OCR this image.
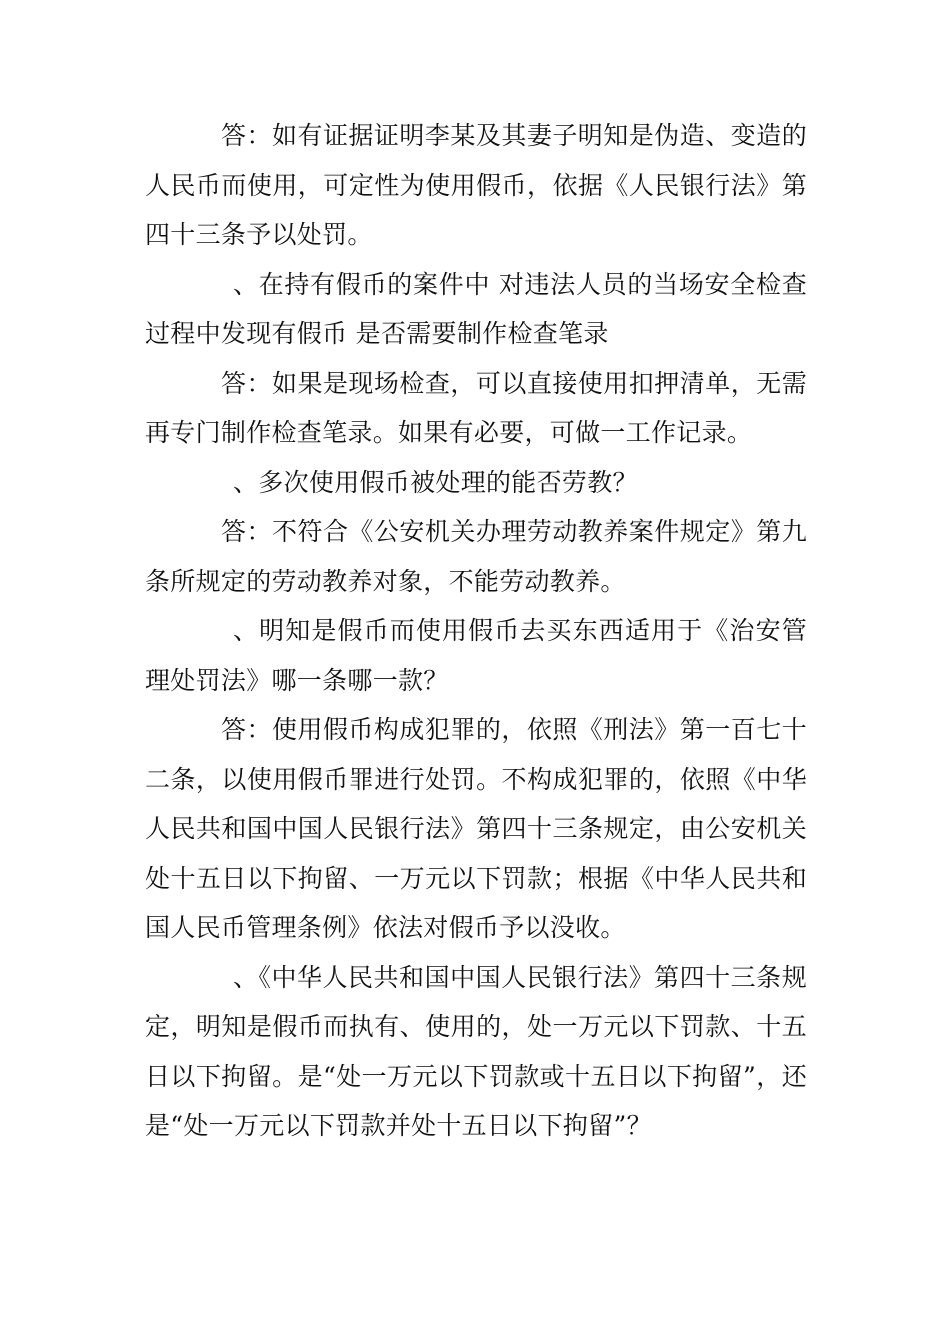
答：如有证据证明李某及其妻子明知是伪造、变造的人民币而使用，可定性为使用假币，依据《人民银行法》第四十三条予以处罚。

、在持有假币的案件中 对违法人员的当场安全检查过程中发现有假币 是否需要制作检查笔录

答：如果是现场检查，可以直接使用扣押清单，无需再专门制作检查笔录。如果有必要，可做一工作记录。

、多次使用假币被处理的能否劳教？

答：不符合《公安机关办理劳动教养案件规定》第九条所规定的劳动教养对象，不能劳动教养。

、明知是假币而使用假币去买东西适用于《治安管理处罚法》哪一条哪一款？

答：使用假币构成犯罪的，依照《刑法》第一百七十二条，以使用假币罪进行处罚。不构成犯罪的，依照《中华人民共和国中国人民银行法》第四十三条规定，由公安机关处十五日以下拘留、一万元以下罚款；根据《中华人民共和国人民币管理条例》依法对假币予以没收。

、《中华人民共和国中国人民银行法》第四十三条规定，明知是假币而执有、使用的，处一万元以下罚款、十五日以下拘留。是“处一万元以下罚款或十五日以下拘留”，还是“处一万元以下罚款并处十五日以下拘留”？
